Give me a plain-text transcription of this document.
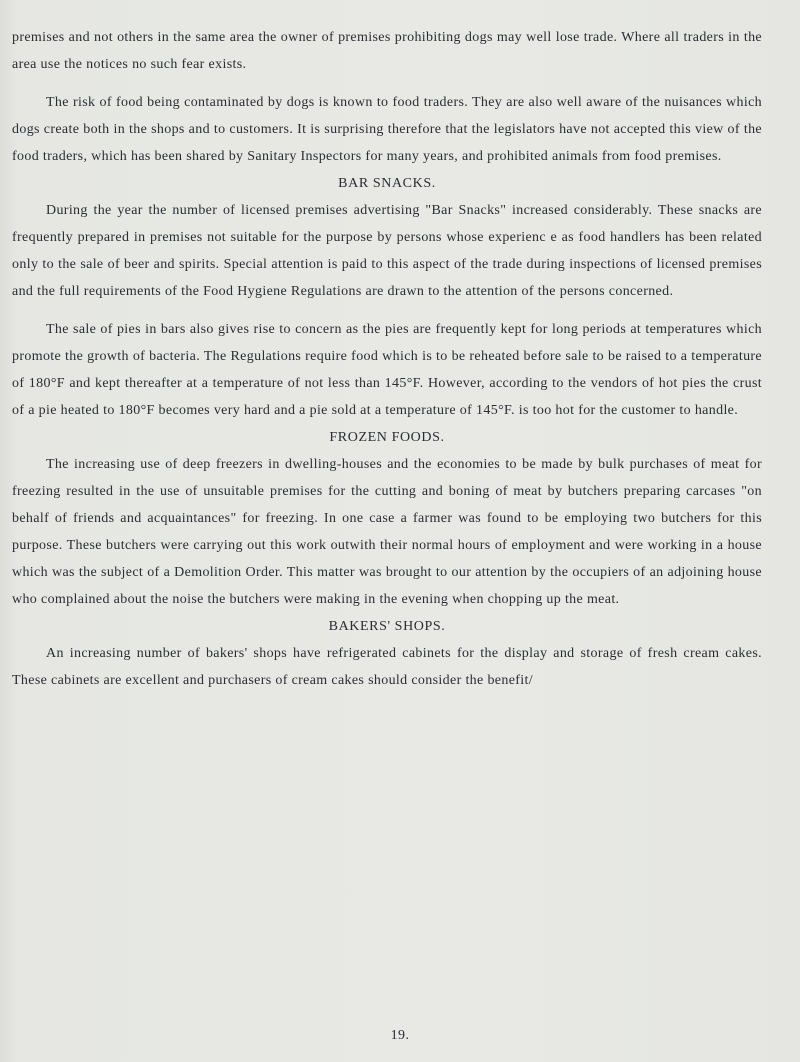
premises and not others in the same area the owner of premises prohibiting dogs may well lose trade. Where all traders in the area use the notices no such fear exists.

The risk of food being contaminated by dogs is known to food traders. They are also well aware of the nuisances which dogs create both in the shops and to customers. It is surprising therefore that the legislators have not accepted this view of the food traders, which has been shared by Sanitary Inspectors for many years, and prohibited animals from food premises.

BAR SNACKS.

During the year the number of licensed premises advertising "Bar Snacks" increased considerably. These snacks are frequently prepared in premises not suitable for the purpose by persons whose experienc e as food handlers has been related only to the sale of beer and spirits. Special attention is paid to this aspect of the trade during inspections of licensed premises and the full requirements of the Food Hygiene Regulations are drawn to the attention of the persons concerned.

The sale of pies in bars also gives rise to concern as the pies are frequently kept for long periods at temperatures which promote the growth of bacteria. The Regulations require food which is to be reheated before sale to be raised to a temperature of 180°F and kept thereafter at a temperature of not less than 145°F. However, according to the vendors of hot pies the crust of a pie heated to 180°F becomes very hard and a pie sold at a temperature of 145°F. is too hot for the customer to handle.

FROZEN FOODS.

The increasing use of deep freezers in dwelling-houses and the economies to be made by bulk purchases of meat for freezing resulted in the use of unsuitable premises for the cutting and boning of meat by butchers preparing carcases "on behalf of friends and acquaintances" for freezing. In one case a farmer was found to be employing two butchers for this purpose. These butchers were carrying out this work outwith their normal hours of employment and were working in a house which was the subject of a Demolition Order. This matter was brought to our attention by the occupiers of an adjoining house who complained about the noise the butchers were making in the evening when chopping up the meat.

BAKERS' SHOPS.

An increasing number of bakers' shops have refrigerated cabinets for the display and storage of fresh cream cakes. These cabinets are excellent and purchasers of cream cakes should consider the benefit/

19.
